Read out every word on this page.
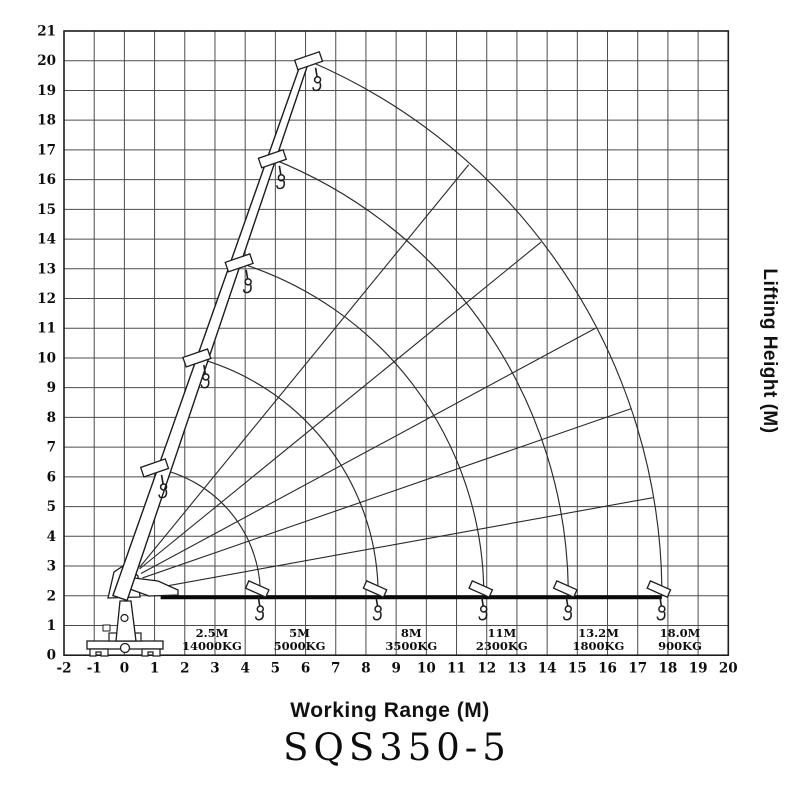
-2 -1 0 1 2 3 4 5 6 7 8 9 10 11 12 13 14 15 16 17 18 19 20
0
1
2
3
4
5
6
7
8
9
10
11
12
13
14
15
16
17
18
19
20
21
2.5M
14000KG
5M
5000KG
8M
3500KG
11M
2300KG
13.2M
1800KG
18.0M
900KG
Working Range (M)
Lifting Height (M)
SQS350-5
